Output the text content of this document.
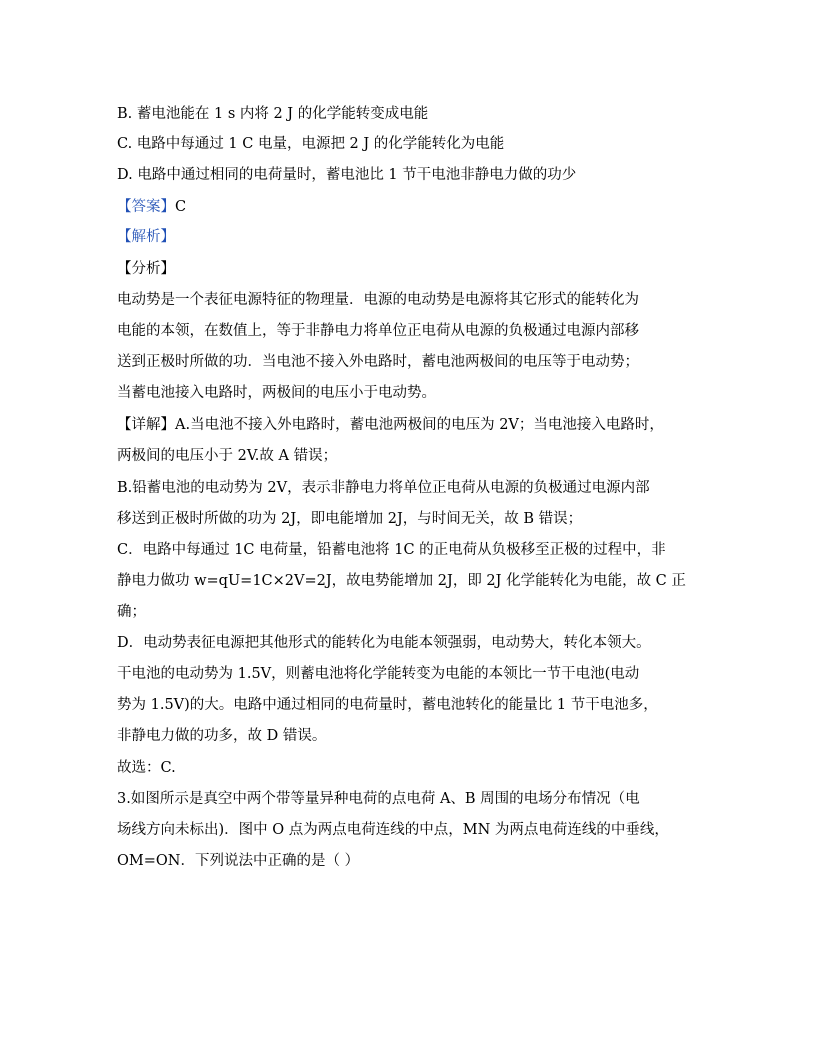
B. 蓄电池能在 1 s 内将 2 J 的化学能转变成电能
C. 电路中每通过 1 C 电量，电源把 2 J 的化学能转化为电能
D. 电路中通过相同的电荷量时，蓄电池比 1 节干电池非静电力做的功少
【答案】C
【解析】
【分析】
电动势是一个表征电源特征的物理量．电源的电动势是电源将其它形式的能转化为
电能的本领，在数值上，等于非静电力将单位正电荷从电源的负极通过电源内部移
送到正极时所做的功．当电池不接入外电路时，蓄电池两极间的电压等于电动势；
当蓄电池接入电路时，两极间的电压小于电动势。
【详解】A.当电池不接入外电路时，蓄电池两极间的电压为 2V；当电池接入电路时，
两极间的电压小于 2V.故 A 错误；
B.铅蓄电池的电动势为 2V，表示非静电力将单位正电荷从电源的负极通过电源内部
移送到正极时所做的功为 2J，即电能增加 2J，与时间无关，故 B 错误；
C．电路中每通过 1C 电荷量，铅蓄电池将 1C 的正电荷从负极移至正极的过程中，非
静电力做功 w=qU=1C×2V=2J，故电势能增加 2J，即 2J 化学能转化为电能，故 C 正
确；
D．电动势表征电源把其他形式的能转化为电能本领强弱，电动势大，转化本领大。
干电池的电动势为 1.5V，则蓄电池将化学能转变为电能的本领比一节干电池(电动
势为 1.5V)的大。电路中通过相同的电荷量时，蓄电池转化的能量比 1 节干电池多，
非静电力做的功多，故 D 错误。
故选：C.
3.如图所示是真空中两个带等量异种电荷的点电荷 A、B 周围的电场分布情况（电
场线方向未标出)．图中 O 点为两点电荷连线的中点，MN 为两点电荷连线的中垂线，
OM=ON．下列说法中正确的是（ ）
